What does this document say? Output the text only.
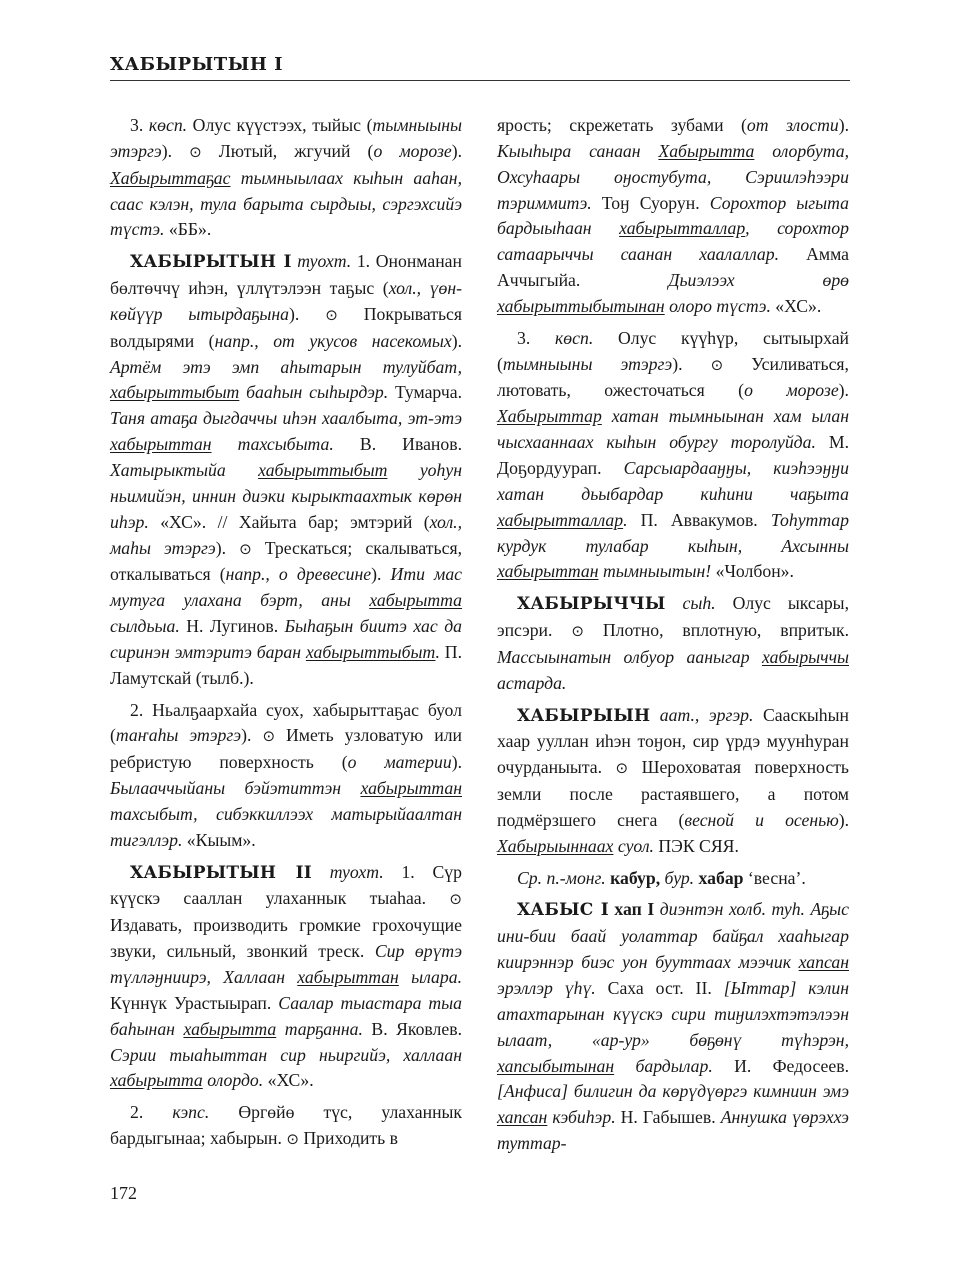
ХАБЫРЫТЫН I

3. көсп. Олус күүстээх, тыйыс (тымныыны этэргэ). ⊙ Лютый, жгучий (о морозе). Хабырыттаҕас тымныылаах кыһын ааһан, саас кэлэн, тула барыта сырдыы, сэргэхсийэ түстэ. «ББ».

ХАБЫРЫТЫН I туохт. 1. Ононманан бөлтөччү иһэн, үллүтэлээн таҕыс (хол., үөн-көйүүр ытырдаҕына). ⊙ Покрываться волдырями (напр., от укусов насекомых). Артём этэ эмп аһытарын тулуйбат, хабырыттыбыт бааһын сыһырдэр. Тумарча. Таня атаҕа дыгдаччы иһэн хаалбыта, эт-этэ хабырыттан тахсыбыта. В. Иванов. Хатырыктыйа хабырыттыбыт уоһун ньимийэн, иннин диэки кырыктаахтык көрөн иһэр. «ХС». // Хайыта бар; эмтэрий (хол., маһы этэргэ). ⊙ Трескаться; скалываться, откалываться (напр., о древесине). Ити мас мутуга улахана бэрт, аны хабырытта сылдьыа. Н. Лугинов. Быһаҕын биитэ хас да сиринэн эмтэритэ баран хабырыттыбыт. П. Ламутскай (тылб.).

2. Ньалҕаархайа суох, хабырыттаҕас буол (таҥаһы этэргэ). ⊙ Иметь узловатую или ребристую поверхность (о материи). Былааччыйаны бэйэтиттэн хабырыттан тахсыбыт, сибэккиллээх матырыйаалтан тигэллэр. «Кыым».

ХАБЫРЫТЫН II туохт. 1. Сүр күүскэ сааллан улаханнык тыаһаа. ⊙ Издавать, производить громкие грохочущие звуки, сильный, звонкий треск. Сир өрүтэ түлләӈниирэ, Халлаан хабырыттан ылара. Күннүк Урастыырап. Саалар тыастара тыа баһынан хабырытта тарҕанна. В. Яковлев. Сэрии тыаһыттан сир ньиргийэ, халлаан хабырытта олордо. «ХС».

2. кэпс. Өргөйө түс, улаханнык бардыгынаа; хабырын. ⊙ Приходить в

ярость; скрежетать зубами (от злости). Кыыһыра санаан Хабырытта олорбута, Охсуһаары оӈостубута, Сэриилэһээри тэриммитэ. Тоӈ Суорун. Сорохтор ыгыта бардыыһаан хабырытталлар, сорохтор сатаарыччы саанан хаалаллар. Амма Аччыгыйа. Дьиэлээх өрө хабырыттыбытынан олоро түстэ. «ХС».

3. көсп. Олус күүһүр, сытыырхай (тымныыны этэргэ). ⊙ Усиливаться, лютовать, ожесточаться (о морозе). Хабырыттар хатан тымныынан хам ылан чысхааннаах кыһын обургу торолуйда. М. Доҕордуурап. Сарсыардааӈӈы, киэһээӈӈи хатан дьыбардар киһини чаҕыта хабырытталлар. П. Аввакумов. Тоһуттар курдук тулабар кыһын, Ахсынны хабырыттан тымныытын! «Чолбон».

ХАБЫРЫЧЧЫ сыһ. Олус ыксары, эпсэри. ⊙ Плотно, вплотную, впритык. Массыынатын олбуор ааныгар хабырыччы астарда.

ХАБЫРЫЫН аат., эргэр. Сааскыһын хаар ууллан иһэн тоӈон, сир үрдэ муунһуран очурданыыта. ⊙ Шероховатая поверхность земли после растаявшего, а потом подмёрзшего снега (весной и осенью). Хабырыыннаах суол. ПЭК СЯЯ.

Ср. п.-монг. кабур, бур. хабар ‘весна’.

ХАБЫС I хап I диэнтэн холб. туһ. Аҕыс ини-бии баай уолаттар байҕал хааһыгар киирэннэр биэс уон бууттаах мээчик хапсан эрэллэр үһү. Саха ост. II. [Ыттар] кэлин атахтарынан күүскэ сири тиӈилэхтэтэлээн ылаат, «ар-ур» бөҕөнү түһэрэн, хапсыбытынан бардылар. И. Федосеев. [Анфиса] билигин да көрүдүөргэ кимниин эмэ хапсан кэбиһэр. Н. Габышев. Аннушка үөрэххэ туттар-

172
